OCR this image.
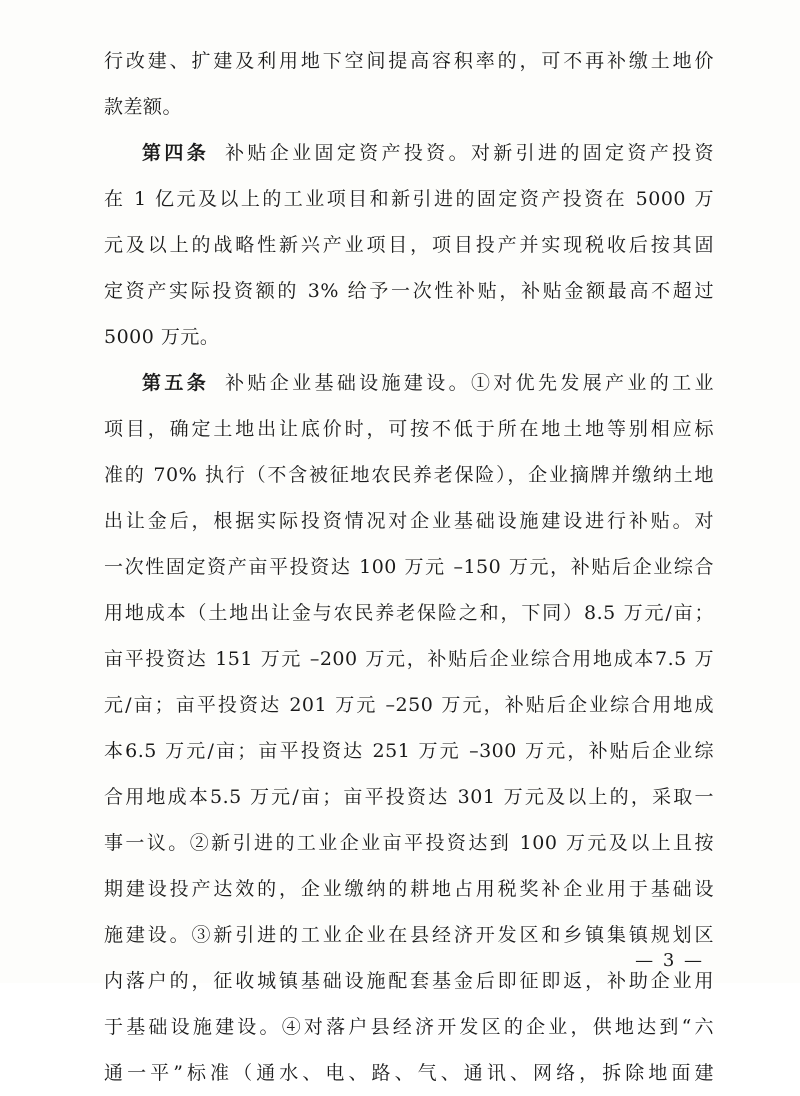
行改建、扩建及利用地下空间提高容积率的，可不再补缴土地价
款差额。
第四条 补贴企业固定资产投资。对新引进的固定资产投资
在 1 亿元及以上的工业项目和新引进的固定资产投资在 5000 万
元及以上的战略性新兴产业项目，项目投产并实现税收后按其固
定资产实际投资额的 3% 给予一次性补贴，补贴金额最高不超过
5000 万元。
第五条 补贴企业基础设施建设。①对优先发展产业的工业
项目，确定土地出让底价时，可按不低于所在地土地等别相应标
准的 70% 执行（不含被征地农民养老保险），企业摘牌并缴纳土地
出让金后，根据实际投资情况对企业基础设施建设进行补贴。对
一次性固定资产亩平投资达 100 万元 –150 万元，补贴后企业综合
用地成本（土地出让金与农民养老保险之和，下同）8.5 万元/亩；
亩平投资达 151 万元 –200 万元，补贴后企业综合用地成本7.5 万
元/亩；亩平投资达 201 万元 –250 万元，补贴后企业综合用地成
本6.5 万元/亩；亩平投资达 251 万元 –300 万元，补贴后企业综
合用地成本5.5 万元/亩；亩平投资达 301 万元及以上的，采取一
事一议。②新引进的工业企业亩平投资达到 100 万元及以上且按
期建设投产达效的，企业缴纳的耕地占用税奖补企业用于基础设
施建设。③新引进的工业企业在县经济开发区和乡镇集镇规划区
内落户的，征收城镇基础设施配套基金后即征即返，补助企业用
于基础设施建设。④对落户县经济开发区的企业，供地达到“六
通一平”标准（通水、电、路、气、通讯、网络，拆除地面建
— 3 —
